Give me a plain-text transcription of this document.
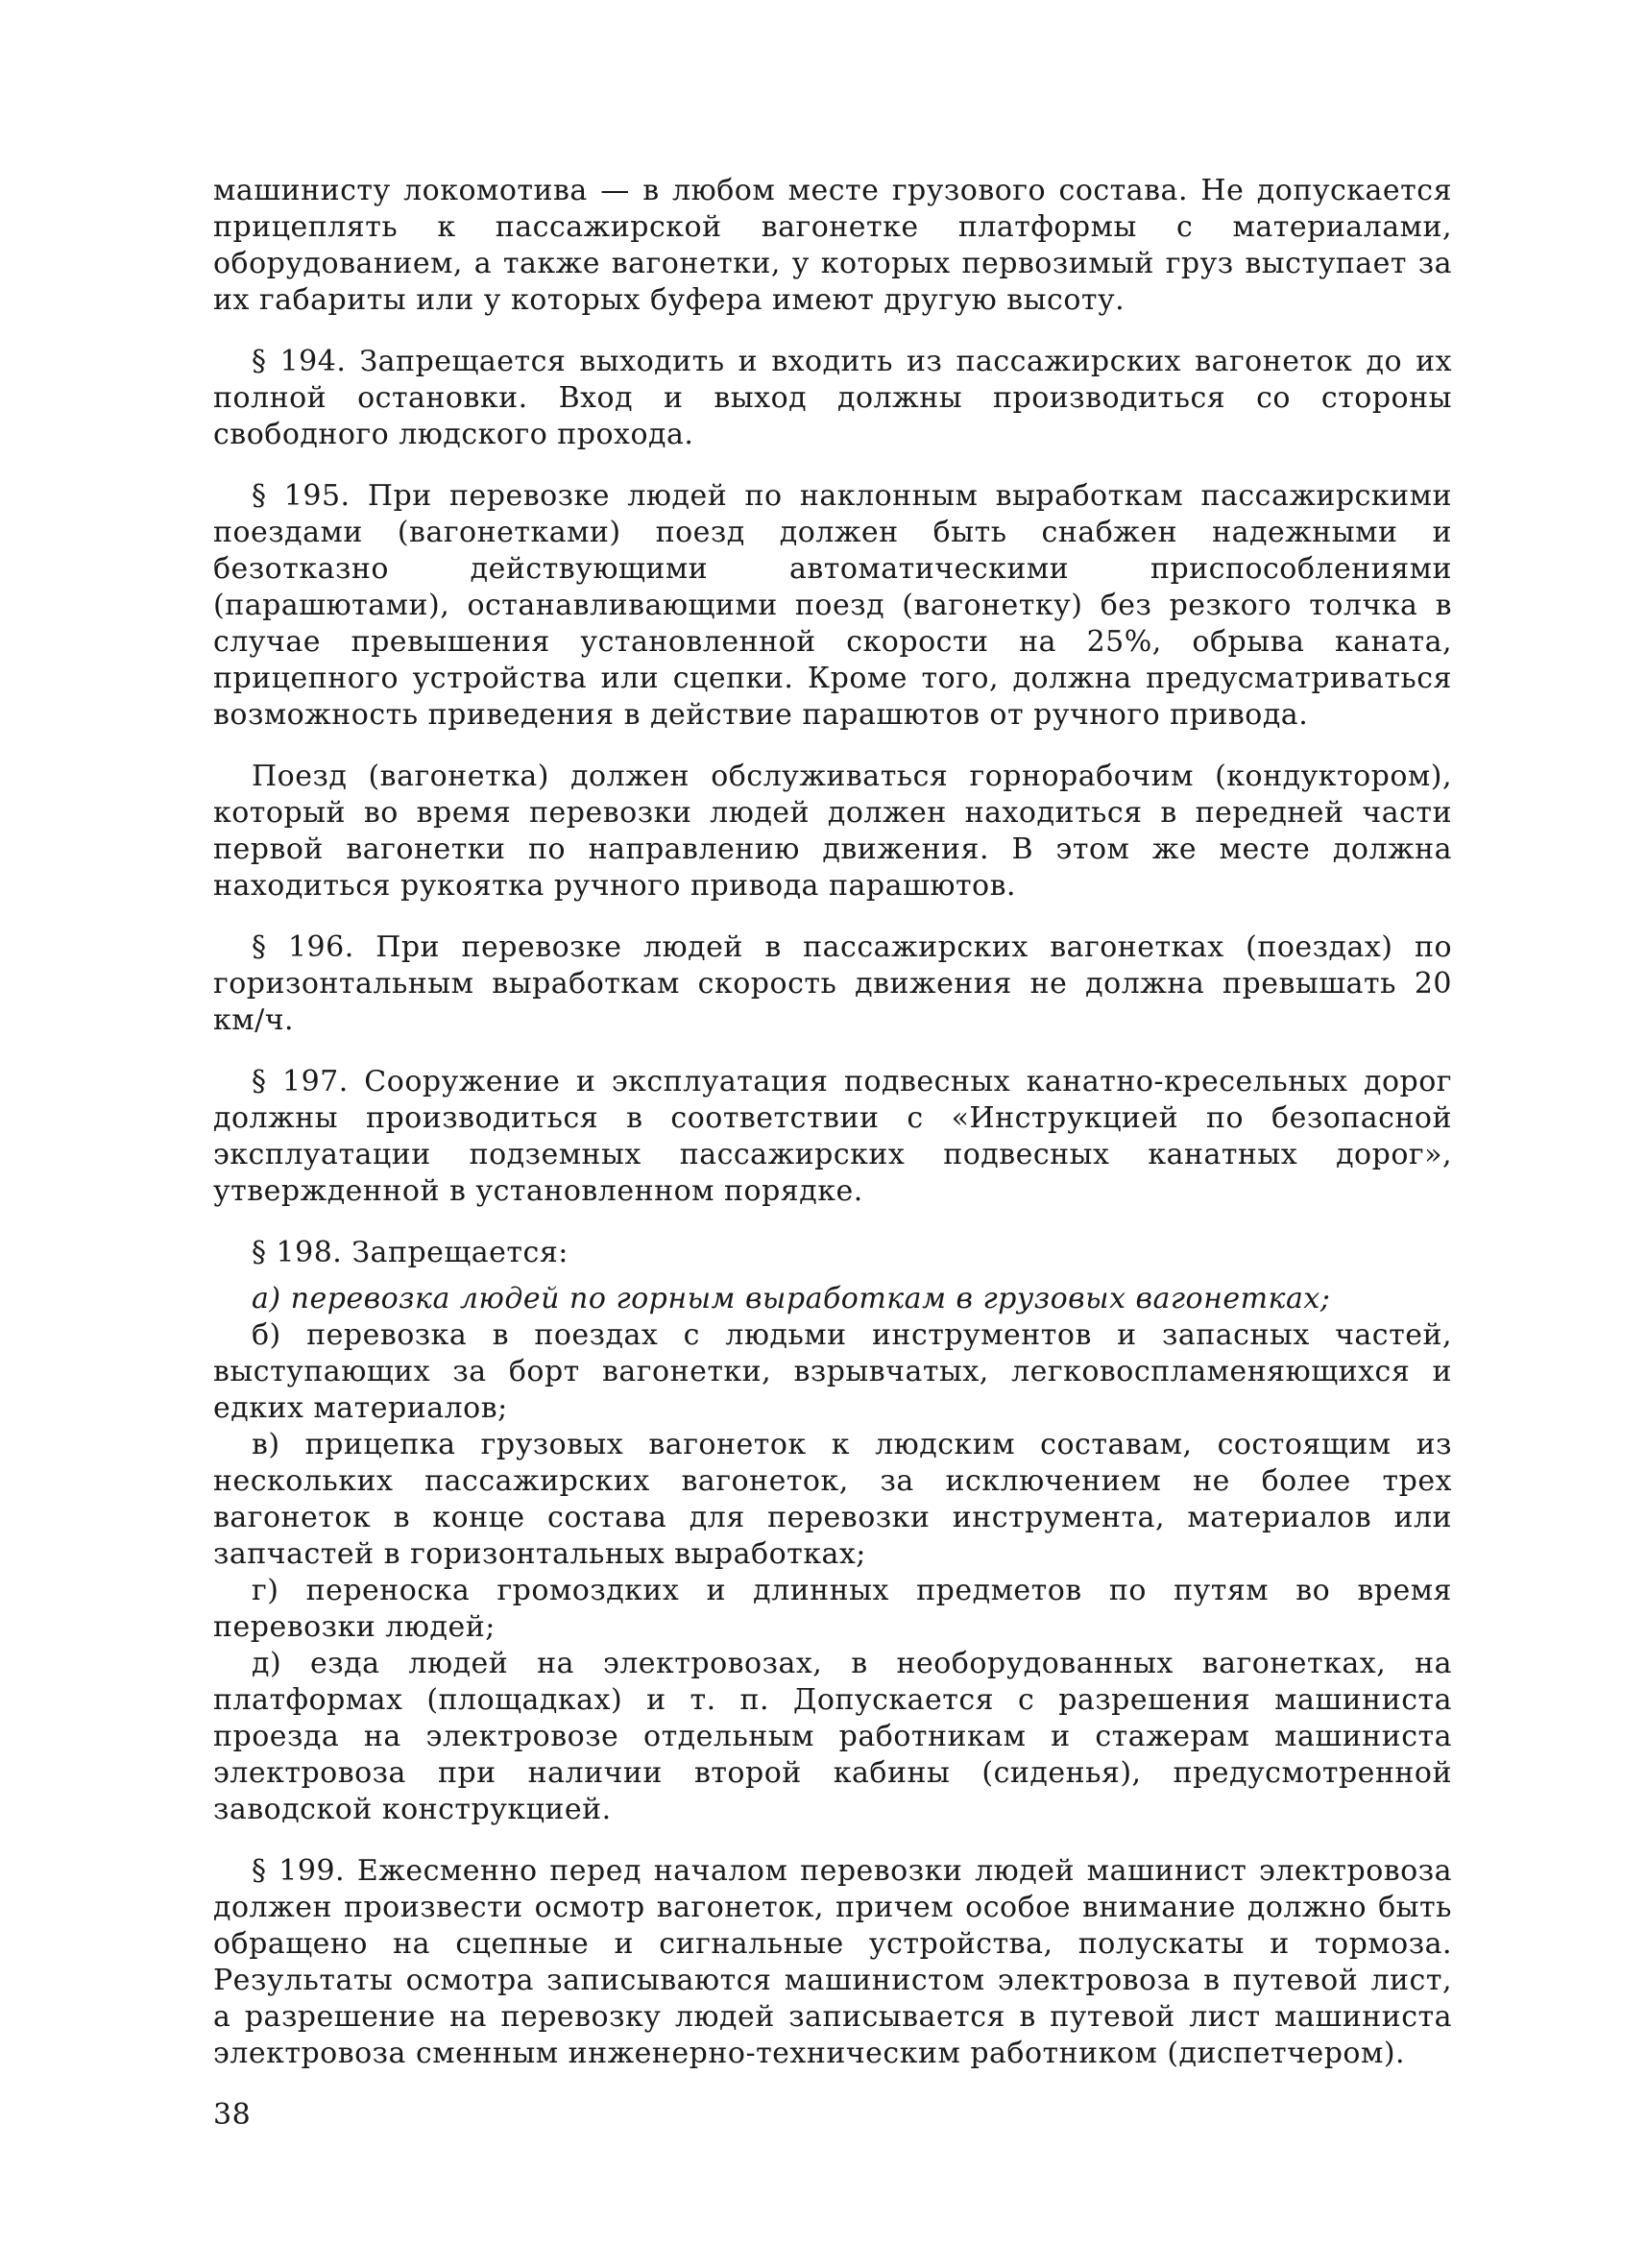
машинисту локомотива — в любом месте грузового состава. Не допускается прицеплять к пассажирской вагонетке платформы с материалами, оборудованием, а также вагонетки, у которых первозимый груз выступает за их габариты или у которых буфера имеют другую высоту.

§ 194. Запрещается выходить и входить из пассажирских вагонеток до их полной остановки. Вход и выход должны производиться со стороны свободного людского прохода.

§ 195. При перевозке людей по наклонным выработкам пассажирскими поездами (вагонетками) поезд должен быть снабжен надежными и безотказно действующими автоматическими приспособлениями (парашютами), останавливающими поезд (вагонетку) без резкого толчка в случае превышения установленной скорости на 25%, обрыва каната, прицепного устройства или сцепки. Кроме того, должна предусматриваться возможность приведения в действие парашютов от ручного привода.

Поезд (вагонетка) должен обслуживаться горнорабочим (кондуктором), который во время перевозки людей должен находиться в передней части первой вагонетки по направлению движения. В этом же месте должна находиться рукоятка ручного привода парашютов.

§ 196. При перевозке людей в пассажирских вагонетках (поездах) по горизонтальным выработкам скорость движения не должна превышать 20 км/ч.

§ 197. Сооружение и эксплуатация подвесных канатно-кресельных дорог должны производиться в соответствии с «Инструкцией по безопасной эксплуатации подземных пассажирских подвесных канатных дорог», утвержденной в установленном порядке.

§ 198. Запрещается:

а) перевозка людей по горным выработкам в грузовых вагонетках;

б) перевозка в поездах с людьми инструментов и запасных частей, выступающих за борт вагонетки, взрывчатых, легковоспламеняющихся и едких материалов;

в) прицепка грузовых вагонеток к людским составам, состоящим из нескольких пассажирских вагонеток, за исключением не более трех вагонеток в конце состава для перевозки инструмента, материалов или запчастей в горизонтальных выработках;

г) переноска громоздких и длинных предметов по путям во время перевозки людей;

д) езда людей на электровозах, в необорудованных вагонетках, на платформах (площадках) и т. п. Допускается с разрешения машиниста проезда на электровозе отдельным работникам и стажерам машиниста электровоза при наличии второй кабины (сиденья), предусмотренной заводской конструкцией.

§ 199. Ежесменно перед началом перевозки людей машинист электровоза должен произвести осмотр вагонеток, причем особое внимание должно быть обращено на сцепные и сигнальные устройства, полускаты и тормоза. Результаты осмотра записываются машинистом электровоза в путевой лист, а разрешение на перевозку людей записывается в путевой лист машиниста электровоза сменным инженерно-техническим работником (диспетчером).

38
